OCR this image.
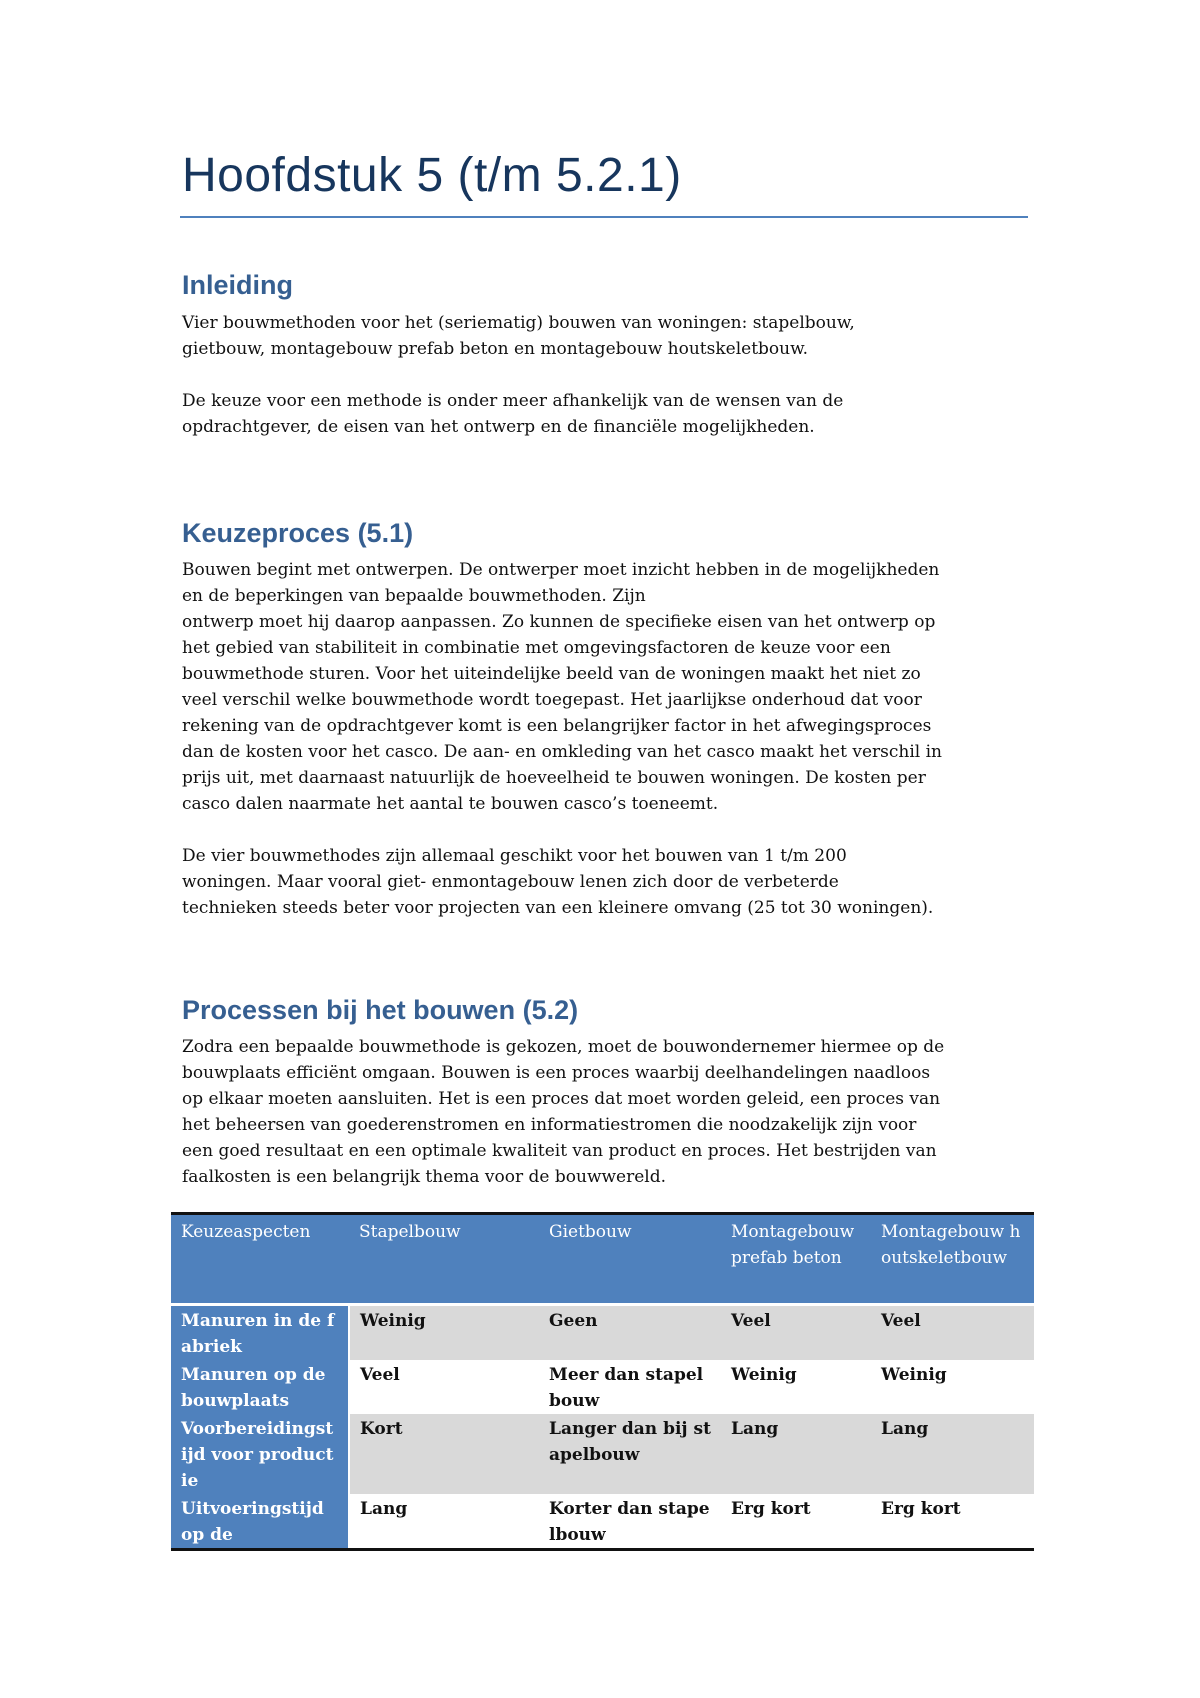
Hoofdstuk 5 (t/m 5.2.1)
Inleiding
Vier bouwmethoden voor het (seriematig) bouwen van woningen: stapelbouw,
gietbouw, montagebouw prefab beton en montagebouw houtskeletbouw.
De keuze voor een methode is onder meer afhankelijk van de wensen van de
opdrachtgever, de eisen van het ontwerp en de financiële mogelijkheden.
Keuzeproces (5.1)
Bouwen begint met ontwerpen. De ontwerper moet inzicht hebben in de mogelijkheden
en de beperkingen van bepaalde bouwmethoden. Zijn
ontwerp moet hij daarop aanpassen. Zo kunnen de specifieke eisen van het ontwerp op
het gebied van stabiliteit in combinatie met omgevingsfactoren de keuze voor een
bouwmethode sturen. Voor het uiteindelijke beeld van de woningen maakt het niet zo
veel verschil welke bouwmethode wordt toegepast. Het jaarlijkse onderhoud dat voor
rekening van de opdrachtgever komt is een belangrijker factor in het afwegingsproces
dan de kosten voor het casco. De aan- en omkleding van het casco maakt het verschil in
prijs uit, met daarnaast natuurlijk de hoeveelheid te bouwen woningen. De kosten per
casco dalen naarmate het aantal te bouwen casco’s toeneemt.
De vier bouwmethodes zijn allemaal geschikt voor het bouwen van 1 t/m 200
woningen. Maar vooral giet- enmontagebouw lenen zich door de verbeterde
technieken steeds beter voor projecten van een kleinere omvang (25 tot 30 woningen).
Processen bij het bouwen (5.2)
Zodra een bepaalde bouwmethode is gekozen, moet de bouwondernemer hiermee op de
bouwplaats efficiënt omgaan. Bouwen is een proces waarbij deelhandelingen naadloos
op elkaar moeten aansluiten. Het is een proces dat moet worden geleid, een proces van
het beheersen van goederenstromen en informatiestromen die noodzakelijk zijn voor
een goed resultaat en een optimale kwaliteit van product en proces. Het bestrijden van
faalkosten is een belangrijk thema voor de bouwwereld.
Keuzeaspecten	Stapelbouw	Gietbouw	Montagebouw prefab beton	Montagebouw houtskeletbouw
Manuren in de fabriek	Weinig	Geen	Veel	Veel
Manuren op de bouwplaats	Veel	Meer dan stapelbouw	Weinig	Weinig
Voorbereidingstijd voor productie	Kort	Langer dan bij stapelbouw	Lang	Lang
Uitvoeringstijd op de	Lang	Korter dan stapelbouw	Erg kort	Erg kort
